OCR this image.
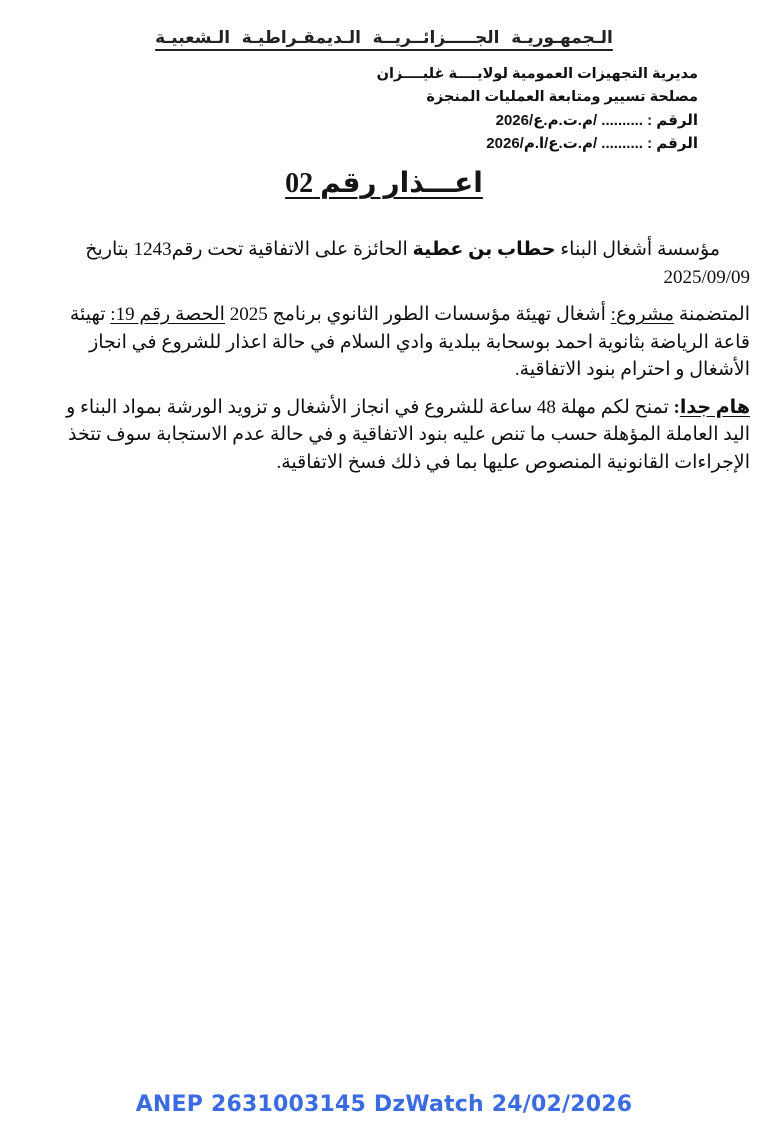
الـجمهـوريـة الجـــــزائــريــة الـديمقـراطيـة الـشعبيـة
مديرية التجهيزات العمومية لولايــــة غليــــزان
مصلحة تسيير ومتابعة العمليات المنجزة
الرقم : .......... /م.ت.م.ع/2026
الرقم : .......... /م.ت.ع/ا.م/2026
اعـــذار رقم 02

مؤسسة أشغال البناء حطاب بن عطية الحائزة على الاتفاقية تحت رقم1243 بتاريخ 2025/09/09

المتضمنة مشروع: أشغال تهيئة مؤسسات الطور الثانوي برنامج 2025 الحصة رقم 19: تهيئة قاعة الرياضة بثانوية احمد بوسحابة ببلدية وادي السلام في حالة اعذار للشروع في انجاز الأشغال و احترام بنود الاتفاقية.

هام جدا: تمنح لكم مهلة 48 ساعة للشروع في انجاز الأشغال و تزويد الورشة بمواد البناء و اليد العاملة المؤهلة حسب ما تنص عليه بنود الاتفاقية و في حالة عدم الاستجابة سوف تتخذ الإجراءات القانونية المنصوص عليها بما في ذلك فسخ الاتفاقية.

ANEP 2631003145 DzWatch 24/02/2026
